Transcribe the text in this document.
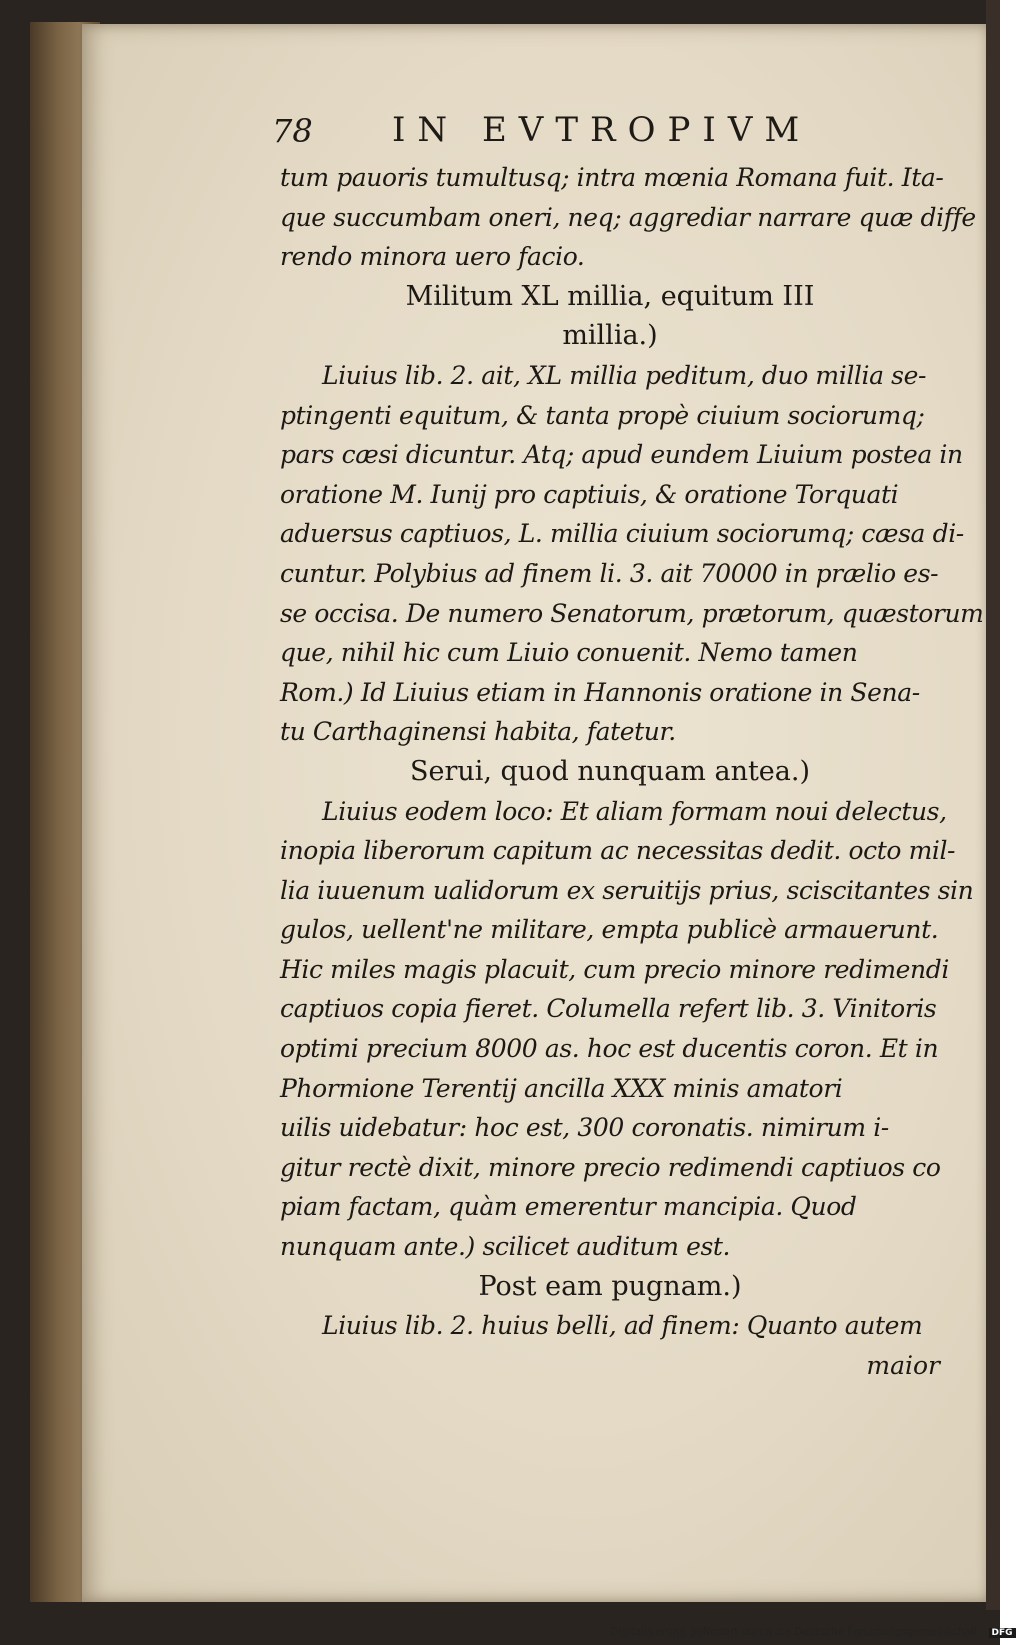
78 IN EVTROPIVM
tum pauoris tumultusq; intra mœnia Romana fuit. Ita-
que succumbam oneri, neq; aggrediar narrare quæ diffe
rendo minora uero facio.
Militum XL millia, equitum III
millia.)
Liuius lib. 2. ait, XL millia peditum, duo millia se-
ptingenti equitum, & tanta propè ciuium sociorumq;
pars cæsi dicuntur. Atq; apud eundem Liuium postea in
oratione M. Iunij pro captiuis, & oratione Torquati
aduersus captiuos, L. millia ciuium sociorumq; cæsa di-
cuntur. Polybius ad finem li. 3. ait 70000 in prælio es-
se occisa. De numero Senatorum, prætorum, quæstorum
que, nihil hic cum Liuio conuenit. Nemo tamen
Rom.) Id Liuius etiam in Hannonis oratione in Sena-
tu Carthaginensi habita, fatetur.
Serui, quod nunquam antea.)
Liuius eodem loco: Et aliam formam noui delectus,
inopia liberorum capitum ac necessitas dedit. octo mil-
lia iuuenum ualidorum ex seruitijs prius, sciscitantes sin
gulos, uellent'ne militare, empta publicè armauerunt.
Hic miles magis placuit, cum precio minore redimendi
captiuos copia fieret. Columella refert lib. 3. Vinitoris
optimi precium 8000 as. hoc est ducentis coron. Et in
Phormione Terentij ancilla XXX minis amatori
uilis uidebatur: hoc est, 300 coronatis. nimirum i-
gitur rectè dixit, minore precio redimendi captiuos co
piam factam, quàm emerentur mancipia. Quod
nunquam ante.) scilicet auditum est.
Post eam pugnam.)
Liuius lib. 2. huius belli, ad finem: Quanto autem
maior
Digitalisierung gefördert durch die Deutsche Forschungsgemeinschaft - DFG
